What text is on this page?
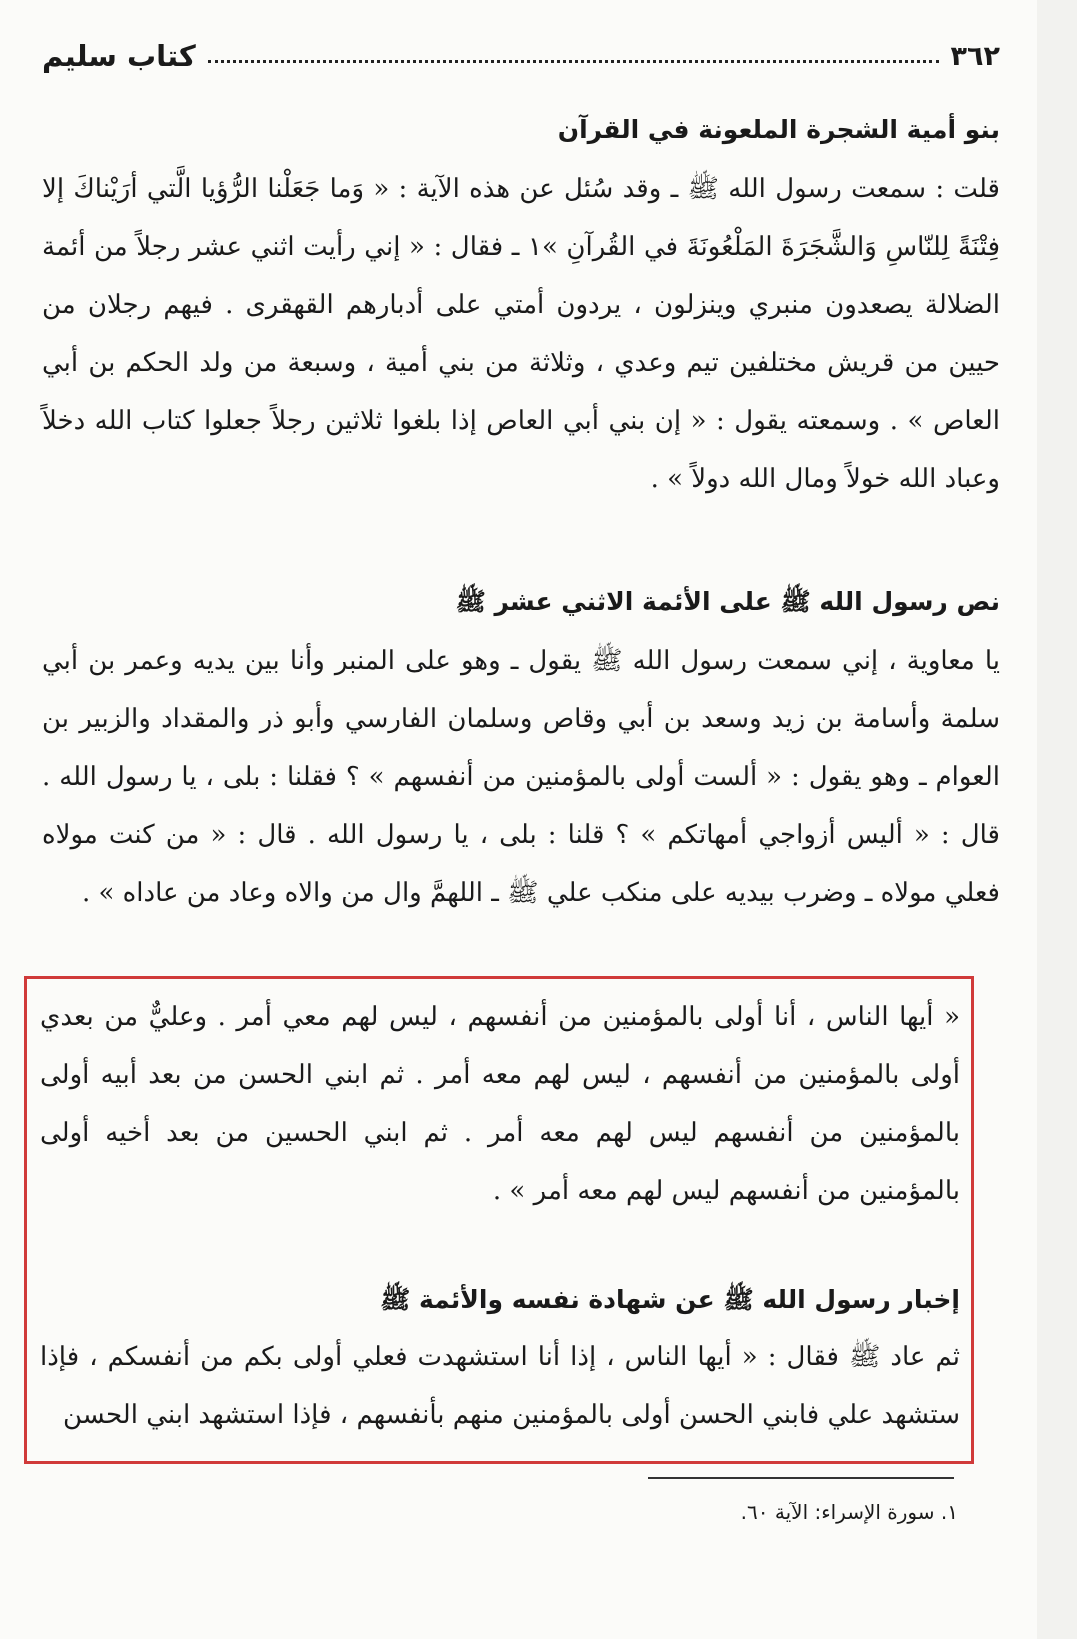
٣٦٢
كتاب سليم
بنو أمية الشجرة الملعونة في القرآن
قلت : سمعت رسول الله ﷺ ـ وقد سُئل عن هذه الآية : « وَما جَعَلْنا الرُّؤيا الَّتي أرَيْناكَ إلا فِتْنَةً لِلنّاسِ وَالشَّجَرَةَ المَلْعُونَةَ في القُرآنِ »١ ـ فقال : « إني رأيت اثني عشر رجلاً من أئمة الضلالة يصعدون منبري وينزلون ، يردون أمتي على أدبارهم القهقرى . فيهم رجلان من حيين من قريش مختلفين تيم وعدي ، وثلاثة من بني أمية ، وسبعة من ولد الحكم بن أبي العاص » . وسمعته يقول : « إن بني أبي العاص إذا بلغوا ثلاثين رجلاً جعلوا كتاب الله دخلاً وعباد الله خولاً ومال الله دولاً » .
نص رسول الله ﷺ على الأئمة الاثني عشر ﷺ
يا معاوية ، إني سمعت رسول الله ﷺ يقول ـ وهو على المنبر وأنا بين يديه وعمر بن أبي سلمة وأسامة بن زيد وسعد بن أبي وقاص وسلمان الفارسي وأبو ذر والمقداد والزبير بن العوام ـ وهو يقول : « ألست أولى بالمؤمنين من أنفسهم » ؟ فقلنا : بلى ، يا رسول الله . قال : « أليس أزواجي أمهاتكم » ؟ قلنا : بلى ، يا رسول الله . قال : « من كنت مولاه فعلي مولاه ـ وضرب بيديه على منكب علي ﷺ ـ اللهمَّ وال من والاه وعاد من عاداه » .
« أيها الناس ، أنا أولى بالمؤمنين من أنفسهم ، ليس لهم معي أمر . وعليٌّ من بعدي أولى بالمؤمنين من أنفسهم ، ليس لهم معه أمر . ثم ابني الحسن من بعد أبيه أولى بالمؤمنين من أنفسهم ليس لهم معه أمر . ثم ابني الحسين من بعد أخيه أولى بالمؤمنين من أنفسهم ليس لهم معه أمر » .
إخبار رسول الله ﷺ عن شهادة نفسه والأئمة ﷺ
ثم عاد ﷺ فقال : « أيها الناس ، إذا أنا استشهدت فعلي أولى بكم من أنفسكم ، فإذا ستشهد علي فابني الحسن أولى بالمؤمنين منهم بأنفسهم ، فإذا استشهد ابني الحسن
١. سورة الإسراء: الآية ٦٠.
